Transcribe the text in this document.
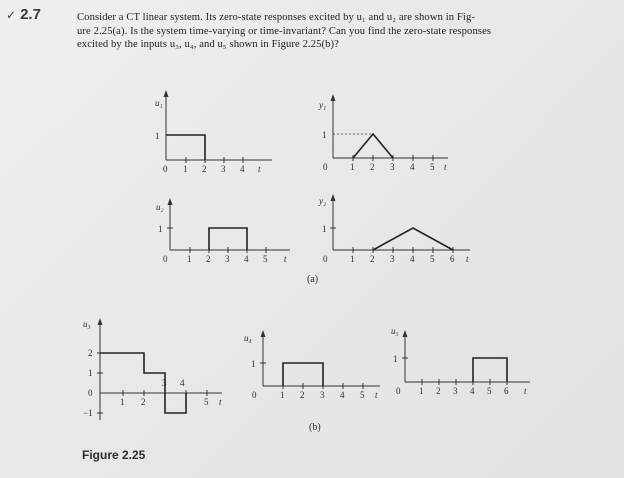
✓ 2.7	Consider a CT linear system. Its zero-state responses excited by u₁ and u₂ are shown in Fig-
ure 2.25(a). Is the system time-varying or time-invariant? Can you find the zero-state responses
excited by the inputs u₃, u₄, and u₅ shown in Figure 2.25(b)?
u₁
1
0 1 2 3 4 t
y₁
1
0	1 2 3 4 5 t
u₂
1
0 1 2 3 4 5 t
y₂
1
0	1 2 3 4 5 6 t
(a)
u₃
2
1
0
−1
1 2
3 4
5 t
u₄
1
0	1 2 3 4 5 t
u₅
1
0 1 2 3 4 5 6 t
(b)
Figure 2.25
